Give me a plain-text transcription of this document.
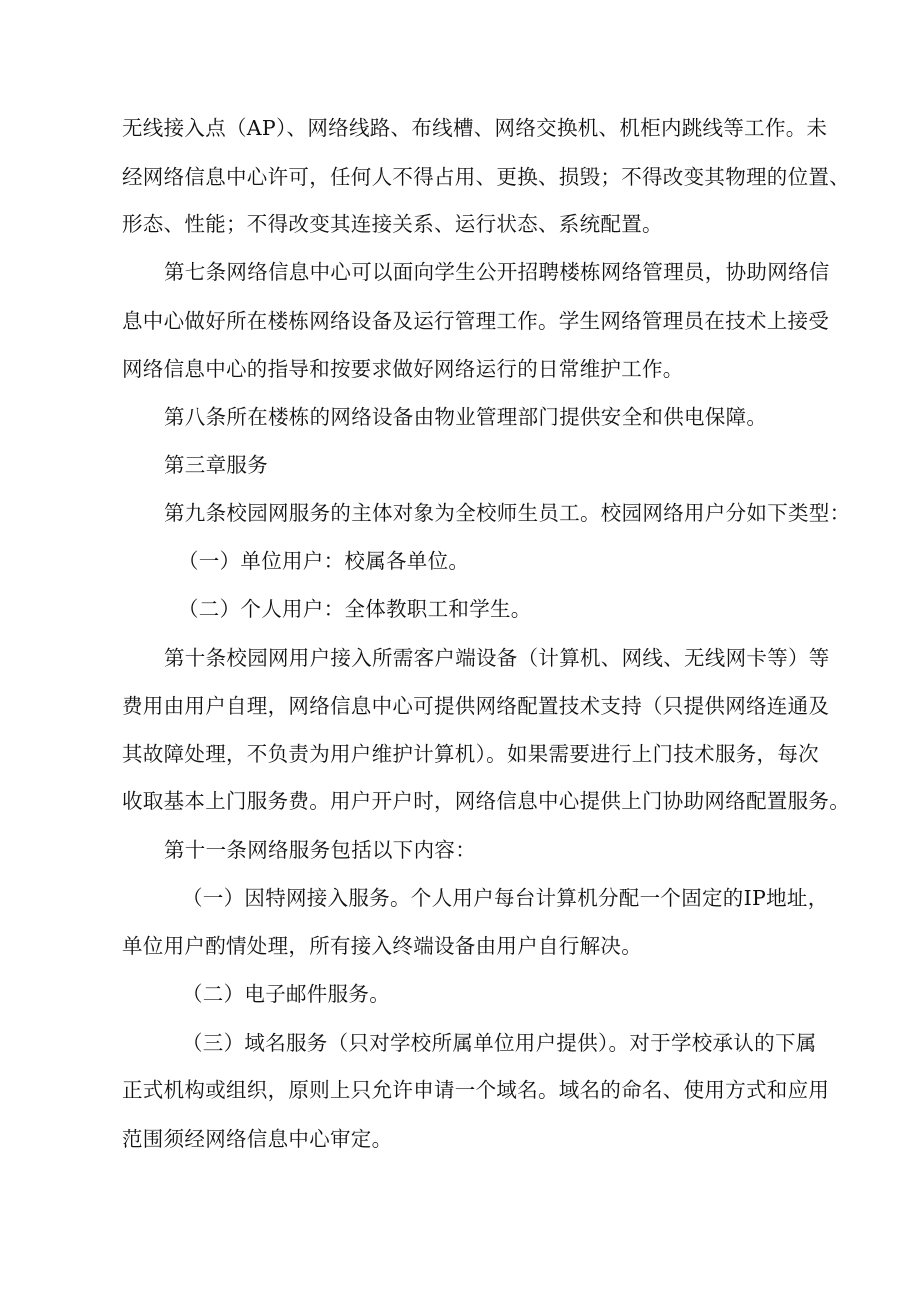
无线接入点（AP）、网络线路、布线槽、网络交换机、机柜内跳线等工作。未
经网络信息中心许可，任何人不得占用、更换、损毁；不得改变其物理的位置、
形态、性能；不得改变其连接关系、运行状态、系统配置。
第七条网络信息中心可以面向学生公开招聘楼栋网络管理员，协助网络信
息中心做好所在楼栋网络设备及运行管理工作。学生网络管理员在技术上接受
网络信息中心的指导和按要求做好网络运行的日常维护工作。
第八条所在楼栋的网络设备由物业管理部门提供安全和供电保障。
第三章服务
第九条校园网服务的主体对象为全校师生员工。校园网络用户分如下类型：
（一）单位用户：校属各单位。
（二）个人用户：全体教职工和学生。
第十条校园网用户接入所需客户端设备（计算机、网线、无线网卡等）等
费用由用户自理，网络信息中心可提供网络配置技术支持（只提供网络连通及
其故障处理，不负责为用户维护计算机）。如果需要进行上门技术服务，每次
收取基本上门服务费。用户开户时，网络信息中心提供上门协助网络配置服务。
第十一条网络服务包括以下内容：
（一）因特网接入服务。个人用户每台计算机分配一个固定的IP地址，
单位用户酌情处理，所有接入终端设备由用户自行解决。
（二）电子邮件服务。
（三）域名服务（只对学校所属单位用户提供）。对于学校承认的下属
正式机构或组织，原则上只允许申请一个域名。域名的命名、使用方式和应用
范围须经网络信息中心审定。
